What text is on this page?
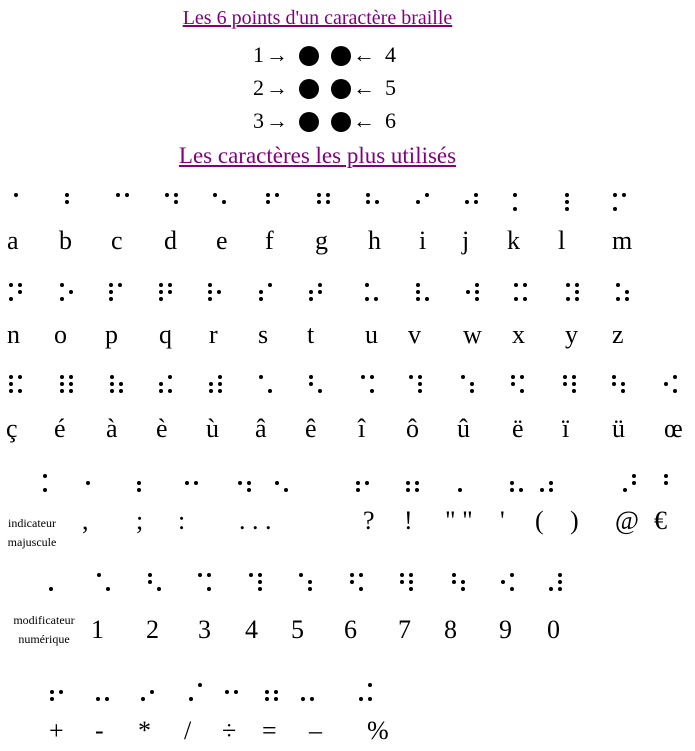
Les 6 points d'un caractère braille
1 →	← 4
2 →	← 5
3 →	← 6
Les caractères les plus utilisés
a b c d e f g h i j k l m
n o p q r s t u v w x y z
ç é à è ù â ê î ô û ë ï ü œ
, ; : . . .	? ! " " ' ( ) @ €
1 2 3 4 5 6 7 8 9 0
+ - * / ÷ = – %
indicateur majuscule
modificateur numérique
